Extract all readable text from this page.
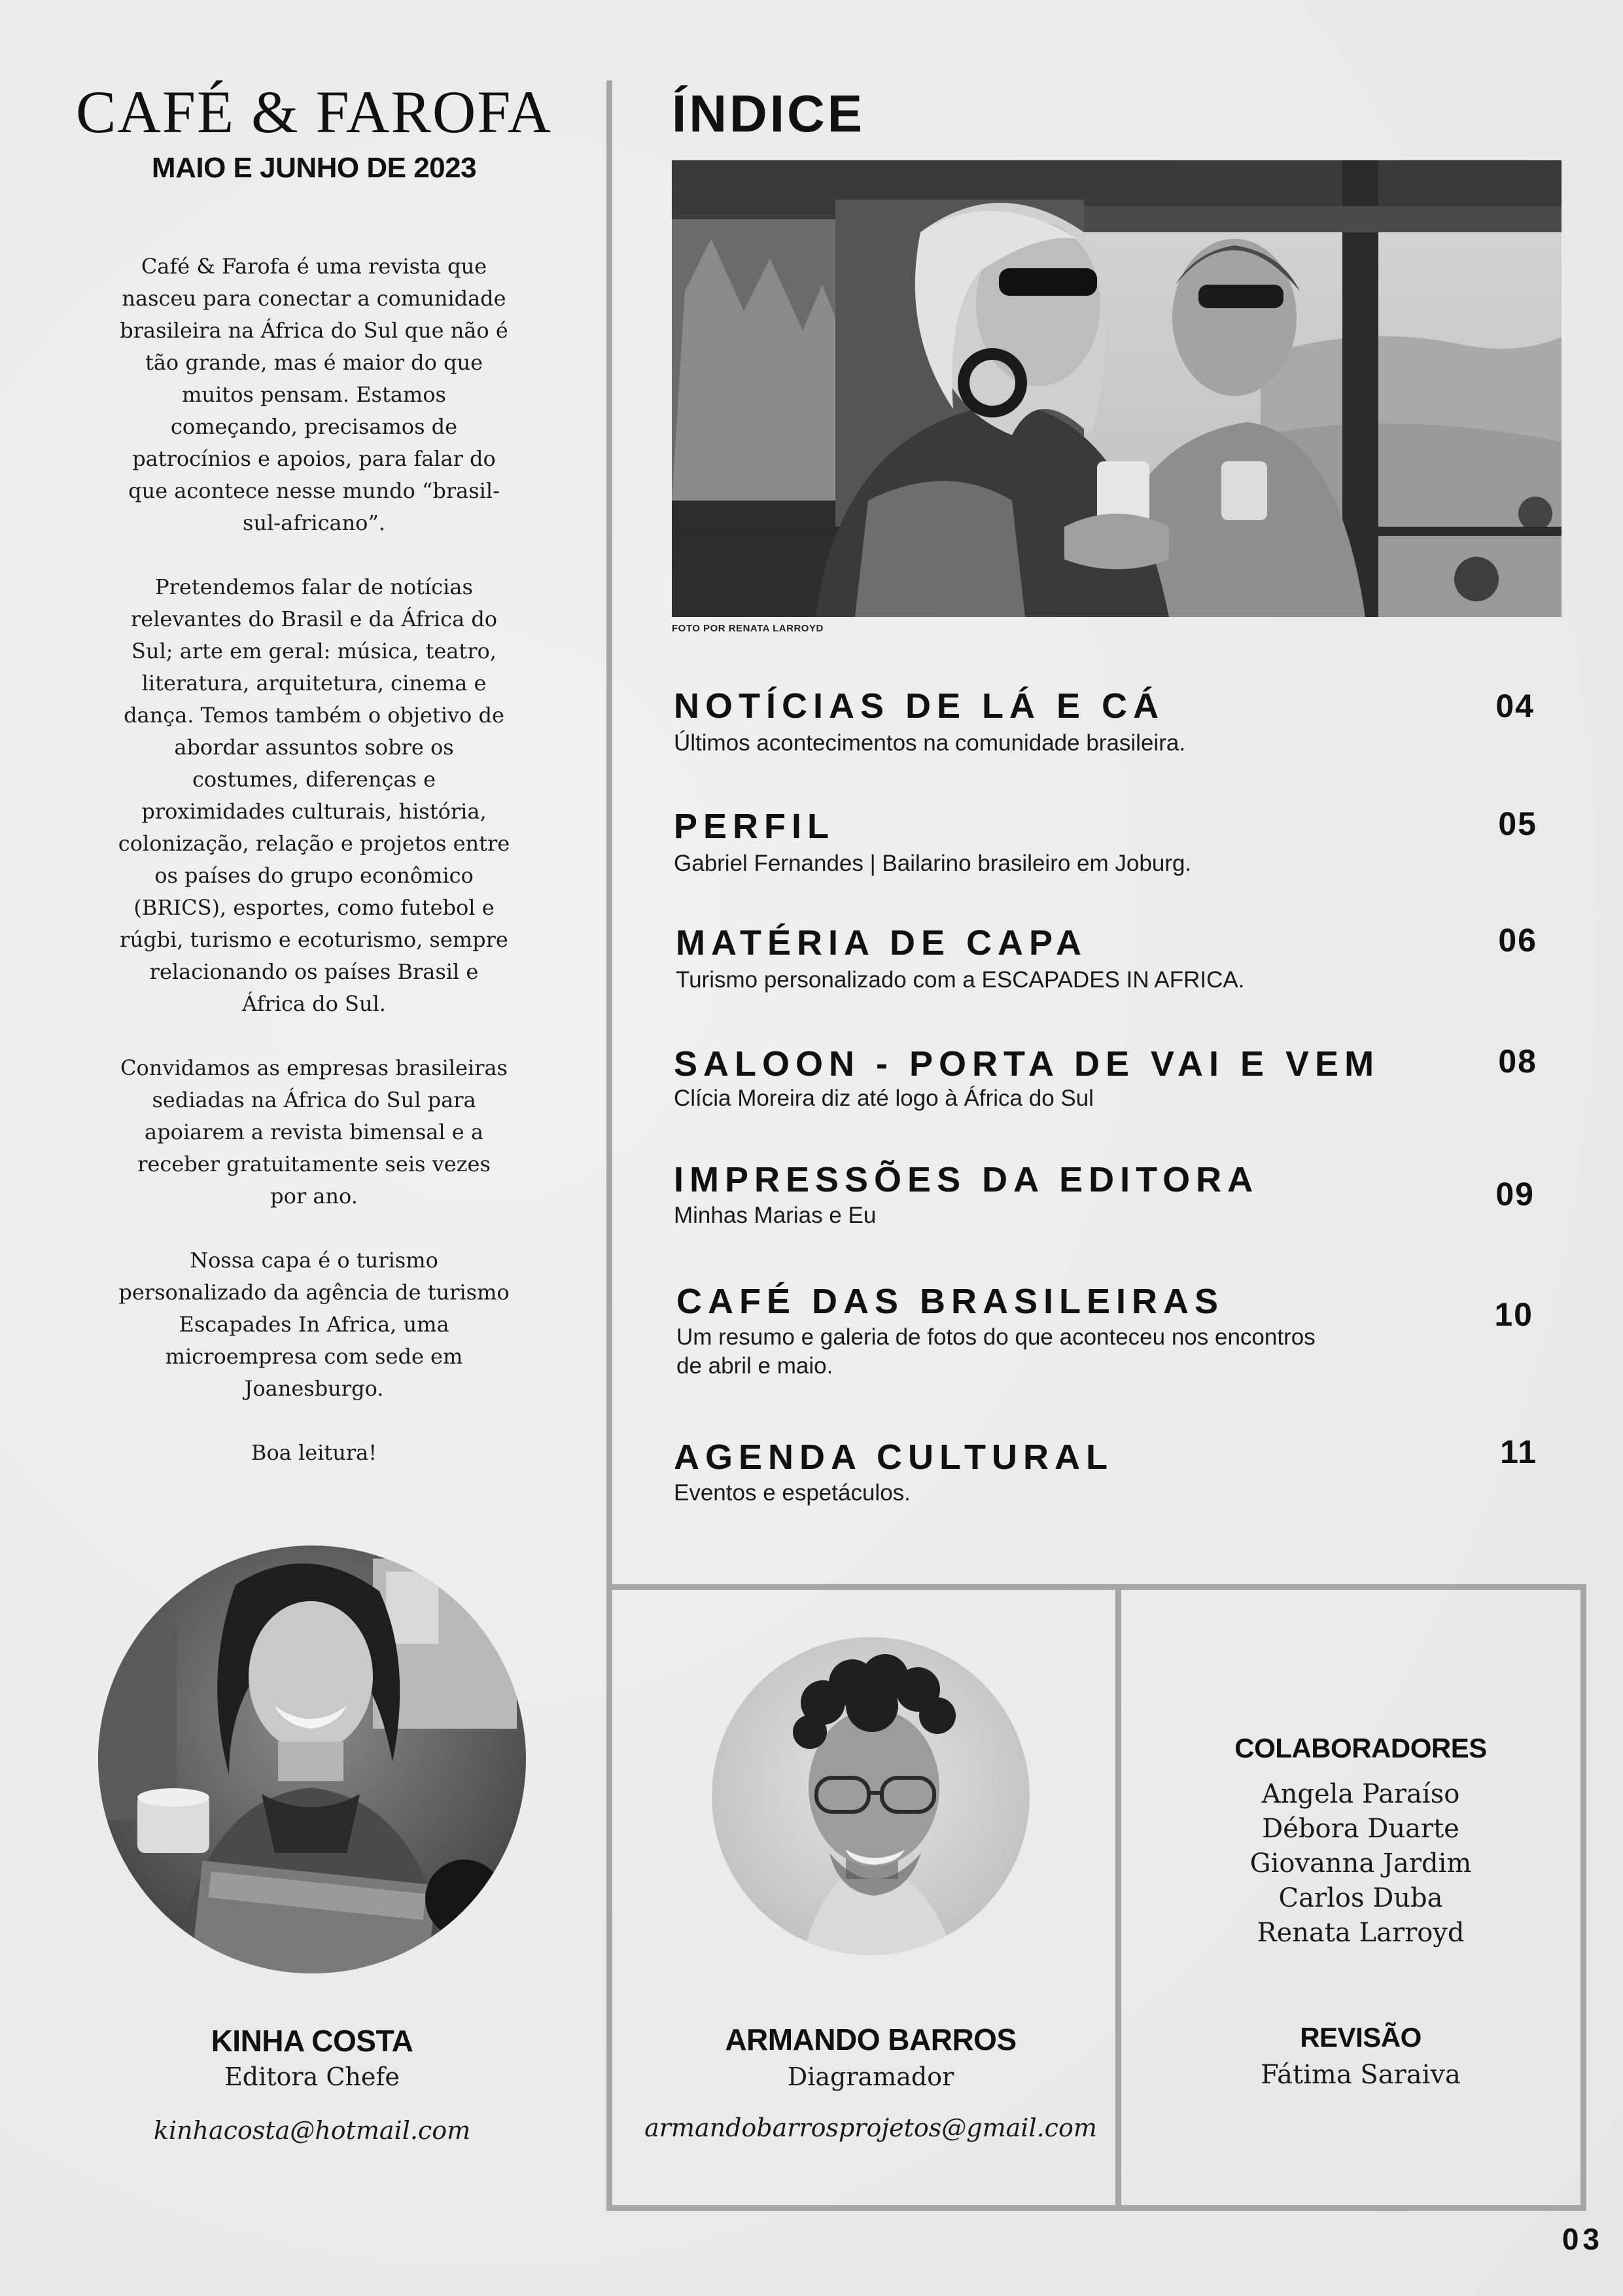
CAFÉ & FAROFA
MAIO E JUNHO DE 2023

Café & Farofa é uma revista que nasceu para conectar a comunidade brasileira na África do Sul que não é tão grande, mas é maior do que muitos pensam. Estamos começando, precisamos de patrocínios e apoios, para falar do que acontece nesse mundo “brasil-sul-africano”.

Pretendemos falar de notícias relevantes do Brasil e da África do Sul; arte em geral: música, teatro, literatura, arquitetura, cinema e dança. Temos também o objetivo de abordar assuntos sobre os costumes, diferenças e proximidades culturais, história, colonização, relação e projetos entre os países do grupo econômico (BRICS), esportes, como futebol e rúgbi, turismo e ecoturismo, sempre relacionando os países Brasil e África do Sul.

Convidamos as empresas brasileiras sediadas na África do Sul para apoiarem a revista bimensal e a receber gratuitamente seis vezes por ano.

Nossa capa é o turismo personalizado da agência de turismo Escapades In Africa, uma microempresa com sede em Joanesburgo.

Boa leitura!

KINHA COSTA
Editora Chefe
kinhacosta@hotmail.com
ÍNDICE
FOTO POR RENATA LARROYD
NOTÍCIAS DE LÁ E CÁ
Últimos acontecimentos na comunidade brasileira.
04
PERFIL
Gabriel Fernandes | Bailarino brasileiro em Joburg.
05
MATÉRIA DE CAPA
Turismo personalizado com a ESCAPADES IN AFRICA.
06
SALOON - PORTA DE VAI E VEM
Clícia Moreira diz até logo à África do Sul
08
IMPRESSÕES DA EDITORA
Minhas Marias e Eu
09
CAFÉ DAS BRASILEIRAS
Um resumo e galeria de fotos do que aconteceu nos encontros de abril e maio.
10
AGENDA CULTURAL
Eventos e espetáculos.
11
ARMANDO BARROS
Diagramador
armandobarrosprojetos@gmail.com
COLABORADORES
Angela Paraíso
Débora Duarte
Giovanna Jardim
Carlos Duba
Renata Larroyd
REVISÃO
Fátima Saraiva
03
